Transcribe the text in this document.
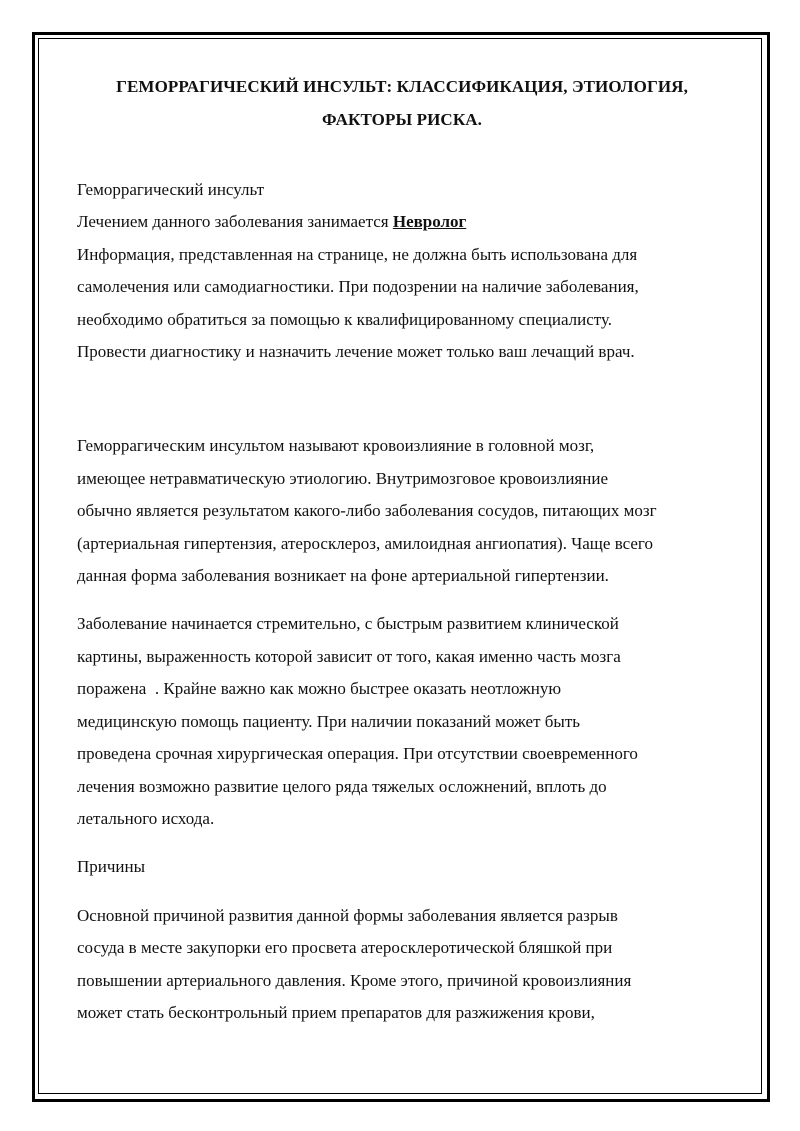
ГЕМОРРАГИЧЕСКИЙ ИНСУЛЬТ: КЛАССИФИКАЦИЯ, ЭТИОЛОГИЯ,
ФАКТОРЫ РИСКА.

Геморрагический инсульт
Лечением данного заболевания занимается Невролог
Информация, представленная на странице, не должна быть использована для
самолечения или самодиагностики. При подозрении на наличие заболевания,
необходимо обратиться за помощью к квалифицированному специалисту.
Провести диагностику и назначить лечение может только ваш лечащий врач.

Геморрагическим инсультом называют кровоизлияние в головной мозг,
имеющее нетравматическую этиологию. Внутримозговое кровоизлияние
обычно является результатом какого-либо заболевания сосудов, питающих мозг
(артериальная гипертензия, атеросклероз, амилоидная ангиопатия). Чаще всего
данная форма заболевания возникает на фоне артериальной гипертензии.

Заболевание начинается стремительно, с быстрым развитием клинической
картины, выраженность которой зависит от того, какая именно часть мозга
поражена  . Крайне важно как можно быстрее оказать неотложную
медицинскую помощь пациенту. При наличии показаний может быть
проведена срочная хирургическая операция. При отсутствии своевременного
лечения возможно развитие целого ряда тяжелых осложнений, вплоть до
летального исхода.

Причины

Основной причиной развития данной формы заболевания является разрыв
сосуда в месте закупорки его просвета атеросклеротической бляшкой при
повышении артериального давления. Кроме этого, причиной кровоизлияния
может стать бесконтрольный прием препаратов для разжижения крови,
